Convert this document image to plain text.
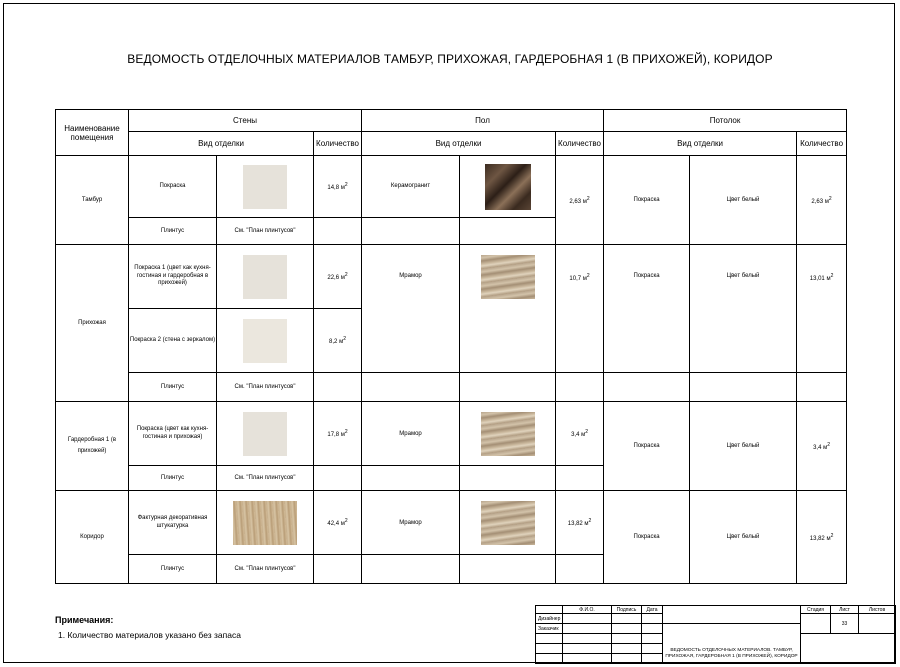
ВЕДОМОСТЬ ОТДЕЛОЧНЫХ МАТЕРИАЛОВ ТАМБУР, ПРИХОЖАЯ, ГАРДЕРОБНАЯ 1 (В ПРИХОЖЕЙ), КОРИДОР
Наименование помещения	Стены			Пол			Потолок		
	Вид отделки		Количество	Вид отделки		Количество	Вид отделки		Количество
Тамбур	Покраска		14,8 $м^2$	Керамогранит		2,63 $м^2$	Покраска	Цвет белый	2,63 $м^2$
	Плинтус	См. "План плинтусов"							
Прихожая	Покраска 1 (цвет как кухня-гостиная и гардеробная в прихожей)		22,6 $м^2$	Мрамор		10,7 $м^2$	Покраска	Цвет белый	13,01 $м^2$
	Покраска 2 (стена с зеркалом)		8,2 $м^2$
	Плинтус	См. "План плинтусов"							
Гардеробная 1 (в прихожей)	Покраска (цвет как кухня-гостиная и прихожая)		17,8 $м^2$	Мрамор		3,4 $м^2$	Покраска	Цвет белый	3,4 $м^2$
	Плинтус	См. "План плинтусов"							
Коридор	Фактурная декоративная штукатурка		42,4 $м^2$	Мрамор		13,82 $м^2$	Покраска	Цвет белый	13,82 $м^2$
	Плинтус	См. "План плинтусов"							
Примечания:
1. Количество материалов указано без запаса
	Ф.И.О.	Подпись	Дата		Стадия	Лист	Листов
Дизайнер						33	
Заказчик				ВЕДОМОСТЬ ОТДЕЛОЧНЫХ МАТЕРИАЛОВ. ТАМБУР, ПРИХОЖАЯ, ГАРДЕРОБНАЯ 1 (В ПРИХОЖЕЙ), КОРИДОР			
